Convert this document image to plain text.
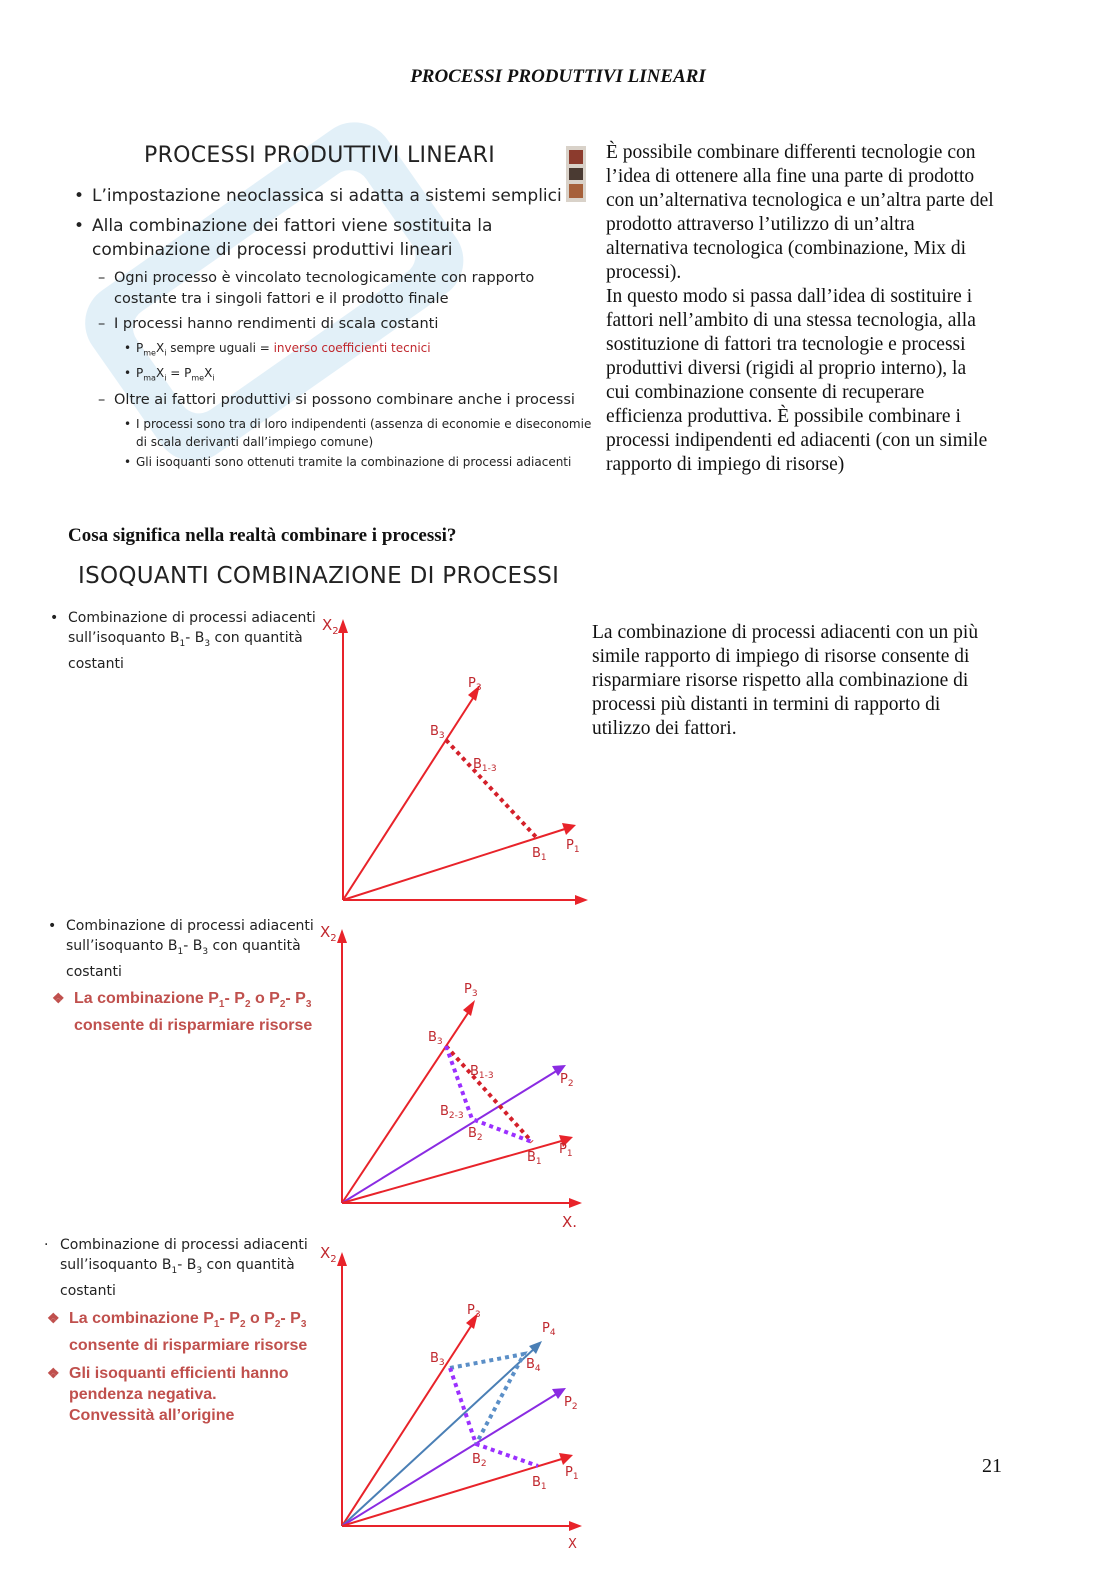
PROCESSI PRODUTTIVI LINEARI
PROCESSI PRODUTTIVI LINEARI
• L’impostazione neoclassica si adatta a sistemi semplici
• Alla combinazione dei fattori viene sostituita la combinazione di processi produttivi lineari
– Ogni processo è vincolato tecnologicamente con rapporto costante tra i singoli fattori e il prodotto finale
– I processi hanno rendimenti di scala costanti
• $P_{me}X_i$ sempre uguali = inverso coefficienti tecnici
• $P_{ma}X_i = P_{me}X_i$
– Oltre ai fattori produttivi si possono combinare anche i processi
• I processi sono tra di loro indipendenti (assenza di economie e diseconomie di scala derivanti dall’impiego comune)
• Gli isoquanti sono ottenuti tramite la combinazione di processi adiacenti
È possibile combinare differenti tecnologie con
l’idea di ottenere alla fine una parte di prodotto
con un’alternativa tecnologica e un’altra parte del
prodotto attraverso l’utilizzo di un’altra
alternativa tecnologica (combinazione, Mix di
processi).
In questo modo si passa dall’idea di sostituire i
fattori nell’ambito di una stessa tecnologia, alla
sostituzione di fattori tra tecnologie e processi
produttivi diversi (rigidi al proprio interno), la
cui combinazione consente di recuperare
efficienza produttiva. È possibile combinare i
processi indipendenti ed adiacenti (con un simile
rapporto di impiego di risorse)
Cosa significa nella realtà combinare i processi?
ISOQUANTI COMBINAZIONE DI PROCESSI
La combinazione di processi adiacenti con un più
simile rapporto di impiego di risorse consente di
risparmiare risorse rispetto alla combinazione di
processi più distanti in termini di rapporto di
utilizzo dei fattori.
• Combinazione di processi adiacenti
sull’isoquanto $B_1-$ $B_3$ con quantità
costanti
• Combinazione di processi adiacenti
sull’isoquanto $B_1-$ $B_3$ con quantità
costanti
❖ La combinazione $P_1-$ $P_2$ o $P_2-$ $P_3$
consente di risparmiare risorse
· Combinazione di processi adiacenti
sull’isoquanto $B_1-$ $B_3$ con quantità
costanti
❖ La combinazione $P_1-$ $P_2$ o $P_2-$ $P_3$
consente di risparmiare risorse
❖ Gli isoquanti efficienti hanno
pendenza negativa.
Convessità all’origine
$X_2$
$P_3$
$B_3$
$B_{1-3}$
$B_1$
$P_1$
$X_2$
$P_3$
$B_3$
$B_{1-3}$	$P_2$
$B_{2-3}$
$B_2$
$B_1$
$P_1$
X.
$X_2$
$P_3$
$P_4$
$B_3$	$B_4$
$P_2$
$B_2$
$B_1$
$P_1$
X
21
